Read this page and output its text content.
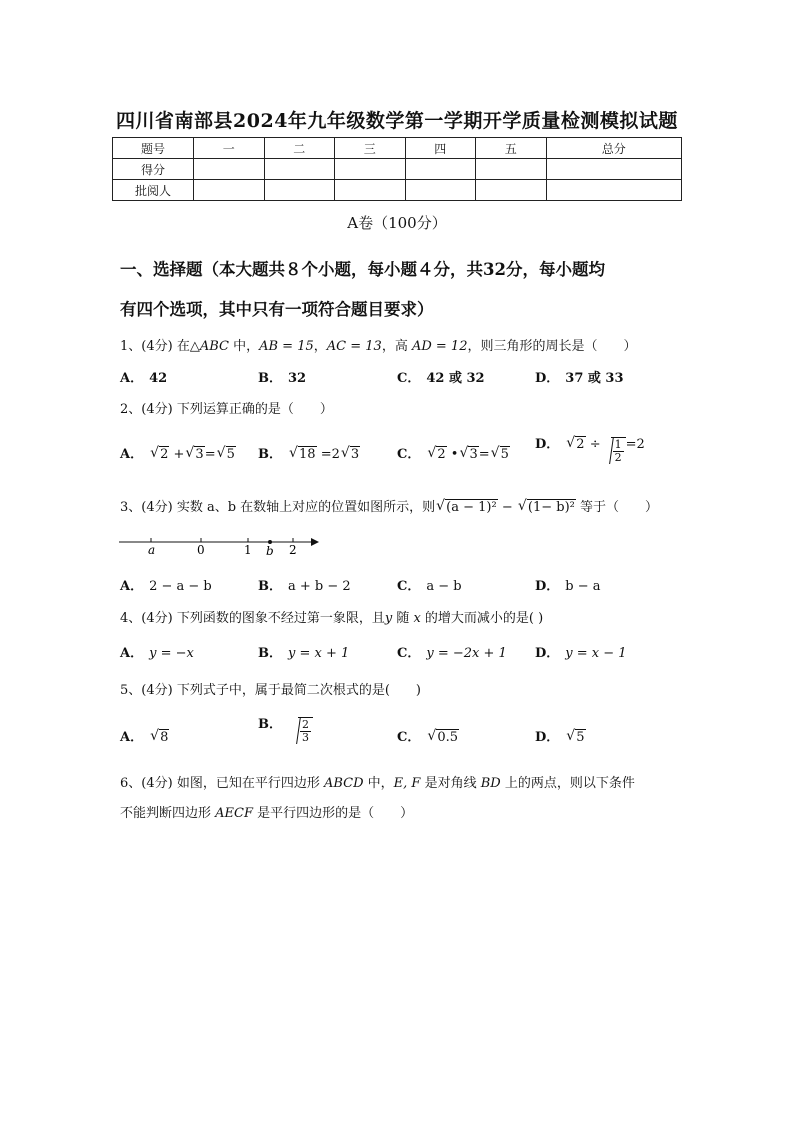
四川省南部县2024年九年级数学第一学期开学质量检测模拟试题
题号	一	二	三	四	五	总分
得分						
批阅人						
A卷（100分）
一、选择题（本大题共８个小题，每小题４分，共32分，每小题均
有四个选项，其中只有一项符合题目要求）
1、(4分) 在△ABC 中，AB = 15，AC = 13，高 AD = 12，则三角形的周长是（　　）
A． 42	B． 32	C． 42 或 32	D． 37 或 33
2、(4分) 下列运算正确的是（　　）
A． √ 2 + √ 3= √ 5 B． √ 18 =2 √ 3	C． √ 2 • √ 3= √ 5
D． √ $2 \div \frac{1}{2} =2$
3、(4分) 实数 a、b 在数轴上对应的位置如图所示，则 √ (a − 1)² − √ (1− b)² 等于（　　）
a	0	1 b 2
A． 2 − a − b	B． a + b − 2	C． a − b	D． b − a
4、(4分) 下列函数的图象不经过第一象限，且y 随 x 的增大而减小的是( )
A． y = −x	B． y = x + 1	C． y = −2x + 1 D． y = x − 1
5、(4分) 下列式子中，属于最简二次根式的是(　　)
A． √ 8
B． $\frac{2}{3}$	C． √ 0.5	D． √ 5
6、(4分) 如图，已知在平行四边形 ABCD 中，E, F 是对角线 BD 上的两点，则以下条件
不能判断四边形 AECF 是平行四边形的是（　　）
